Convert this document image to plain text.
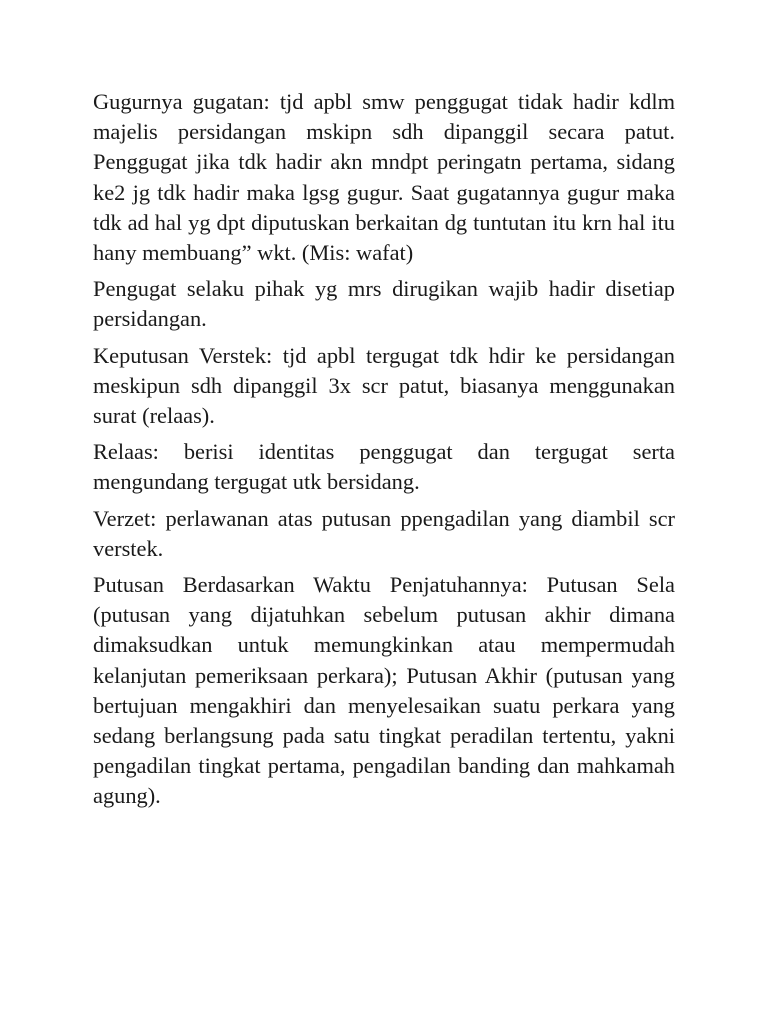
Gugurnya gugatan: tjd apbl smw penggugat tidak hadir kdlm majelis persidangan mskipn sdh dipanggil secara patut. Penggugat jika tdk hadir akn mndpt peringatn pertama, sidang ke2 jg tdk hadir maka lgsg gugur. Saat gugatannya gugur maka tdk ad hal yg dpt diputuskan berkaitan dg tuntutan itu krn hal itu hany membuang” wkt. (Mis: wafat)

Pengugat selaku pihak yg mrs dirugikan wajib hadir disetiap persidangan.

Keputusan Verstek: tjd apbl tergugat tdk hdir ke persidangan meskipun sdh dipanggil 3x scr patut, biasanya menggunakan surat (relaas).

Relaas: berisi identitas penggugat dan tergugat serta mengundang tergugat utk bersidang.

Verzet: perlawanan atas putusan ppengadilan yang diambil scr verstek.

Putusan Berdasarkan Waktu Penjatuhannya: Putusan Sela (putusan yang dijatuhkan sebelum putusan akhir dimana dimaksudkan untuk memungkinkan atau mempermudah kelanjutan pemeriksaan perkara); Putusan Akhir (putusan yang bertujuan mengakhiri dan menyelesaikan suatu perkara yang sedang berlangsung pada satu tingkat peradilan tertentu, yakni pengadilan tingkat pertama, pengadilan banding dan mahkamah agung).
